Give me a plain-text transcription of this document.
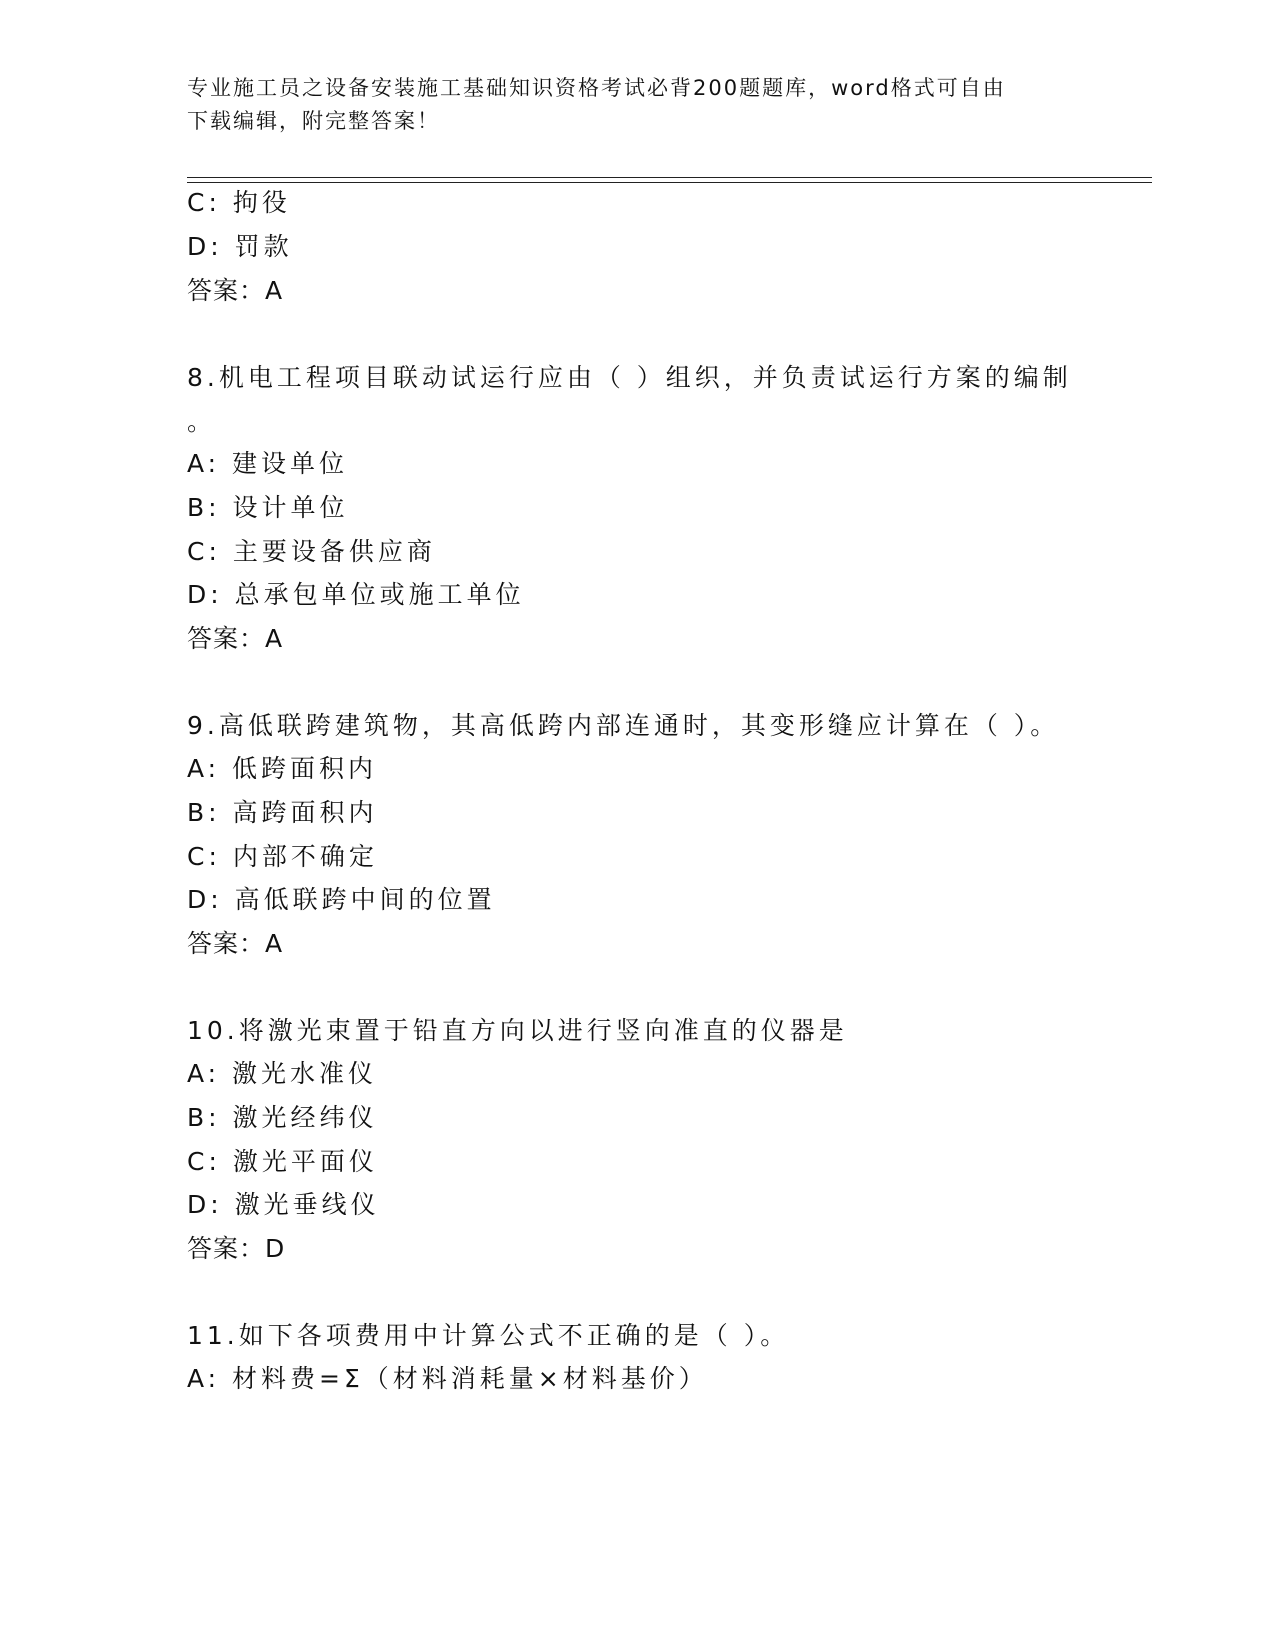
专业施工员之设备安装施工基础知识资格考试必背200题题库，word格式可自由
下载编辑，附完整答案！
C: 拘役
D: 罚款
答案：A
8.机电工程项目联动试运行应由（ ）组织，并负责试运行方案的编制
。
A: 建设单位
B: 设计单位
C: 主要设备供应商
D: 总承包单位或施工单位
答案：A
9.高低联跨建筑物，其高低跨内部连通时，其变形缝应计算在（ ）。
A: 低跨面积内
B: 高跨面积内
C: 内部不确定
D: 高低联跨中间的位置
答案：A
10.将激光束置于铅直方向以进行竖向准直的仪器是
A: 激光水准仪
B: 激光经纬仪
C: 激光平面仪
D: 激光垂线仪
答案：D
11.如下各项费用中计算公式不正确的是（ ）。
A: 材料费=Σ（材料消耗量×材料基价）
